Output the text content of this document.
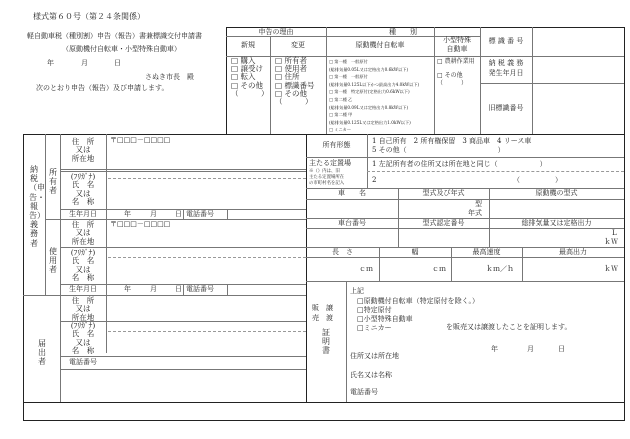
様式第６０号（第２４条関係）
軽自動車税（種別割）申告（報告）書兼標識交付申請書
（原動機付自転車・小型特殊自動車）
年	月	日
さぬき市長　殿
次のとおり申告（報告）及び申請します。
申告の理由
新規	変更
種　　別
原動機付自転車
小型特殊
自動車
□ 購入
□ 譲受け
□ 転入
□ その他
（　　　）
□ 所有者
□ 使用者
□ 住所
□ 標識番号
□ その他
（　　　）
□ 第一種　一般原付
(総排気量0.05L又は定格出力0.6kW以下)
□ 第一種　一般原付
(総排気量0.125L以下かつ最高出力4.0kW以下)
□ 第一種　特定原付(定格出力0.6kW以下)
□ 第二種 乙
(総排気量0.09L又は定格出力0.8kW以下)
□ 第二種 甲
(総排気量0.125L又は定格出力1.0kW以下)
□ ミニカー
□ 農耕作業用
□ その他
（　　　）
標 識 番 号
納 税 義 務
発生年月日
旧標識番号
納税（申告・報告）義務者
所有者
使用者
届出者
住　所
又は
所在地
〒□□□－□□□□
(ﾌﾘｶﾞﾅ)
氏　名
又は
名　称
生年月日	年	月	日 電話番号
住　所
又は
所在地
〒□□□－□□□□
(ﾌﾘｶﾞﾅ)
氏　名
又は
名　称
生年月日	年	月	日 電話番号
住　所
又は
所在地
(ﾌﾘｶﾞﾅ)
氏　名
又は
名　称
電話番号
所有形態	1 自己所有　2 所有権保留　3 商品車　4 リース車
5 その他（　　　　　　　　　　　　　）
主たる定置場
※（）内は、旧
主たる定置場所在
の市町村名を記入
1 左記所有者の住所又は所在地と同じ（　　　　　　）
2	（　　　　　）
車　　名	型式及び年式	原動機の型式
型
年式
車台番号	型式認定番号	総排気量又は定格出力
L
ｋＷ
長　さ	幅	最高速度	最高出力
ｃｍ	ｃｍ	ｋｍ／ｈ	ｋＷ
販　譲
売　渡
証明書
上記
□原動機付自転車（特定原付を除く。）
□特定原付
□小型特殊自動車
□ミニカー	を販売又は譲渡したことを証明します。
年	月	日
住所又は所在地
氏名又は名称
電話番号
